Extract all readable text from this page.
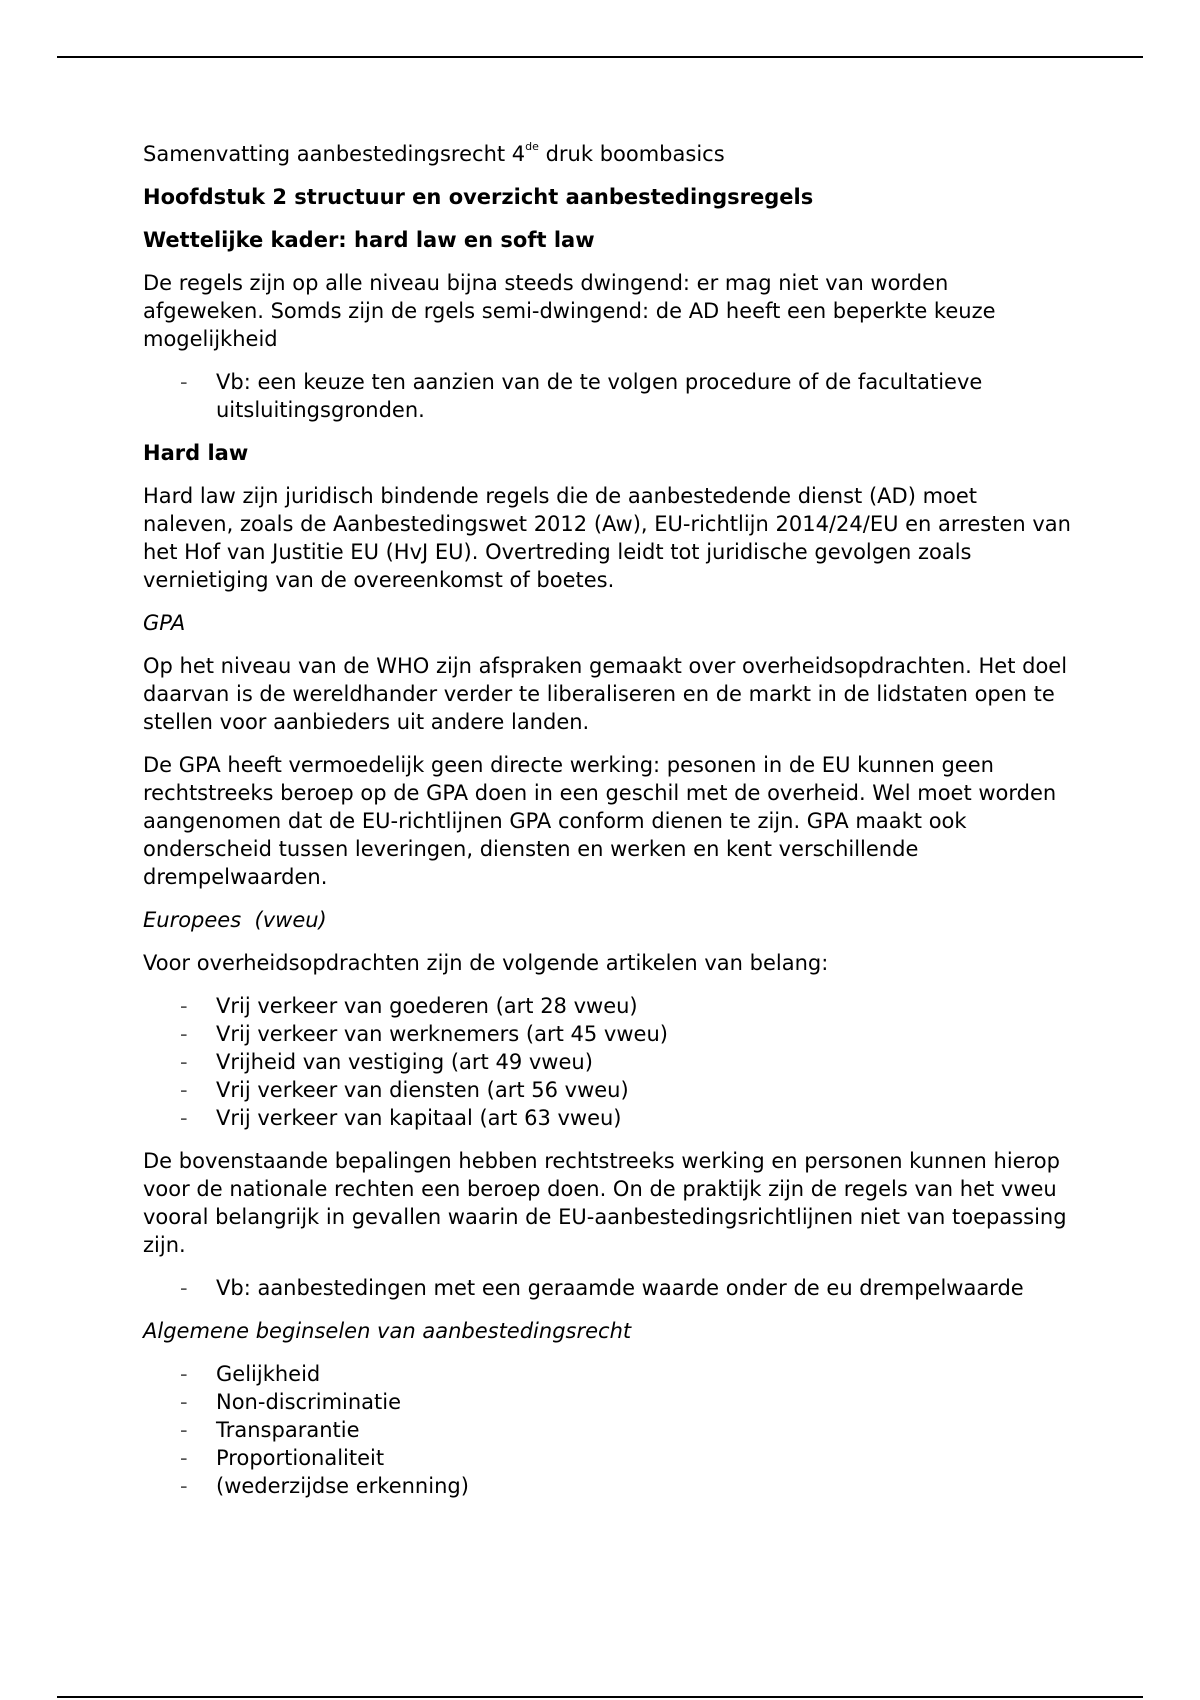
Samenvatting aanbestedingsrecht 4de druk boombasics

Hoofdstuk 2 structuur en overzicht aanbestedingsregels

Wettelijke kader: hard law en soft law

De regels zijn op alle niveau bijna steeds dwingend: er mag niet van worden afgeweken. Somds zijn de rgels semi-dwingend: de AD heeft een beperkte keuze mogelijkheid

- Vb: een keuze ten aanzien van de te volgen procedure of de facultatieve uitsluitingsgronden.

Hard law

Hard law zijn juridisch bindende regels die de aanbestedende dienst (AD) moet naleven, zoals de Aanbestedingswet 2012 (Aw), EU-richtlijn 2014/24/EU en arresten van het Hof van Justitie EU (HvJ EU). Overtreding leidt tot juridische gevolgen zoals vernietiging van de overeenkomst of boetes.

GPA

Op het niveau van de WHO zijn afspraken gemaakt over overheidsopdrachten. Het doel daarvan is de wereldhander verder te liberaliseren en de markt in de lidstaten open te stellen voor aanbieders uit andere landen.

De GPA heeft vermoedelijk geen directe werking: pesonen in de EU kunnen geen rechtstreeks beroep op de GPA doen in een geschil met de overheid. Wel moet worden aangenomen dat de EU-richtlijnen GPA conform dienen te zijn. GPA maakt ook onderscheid tussen leveringen, diensten en werken en kent verschillende drempelwaarden.

Europees  (vweu)

Voor overheidsopdrachten zijn de volgende artikelen van belang:

- Vrij verkeer van goederen (art 28 vweu)
- Vrij verkeer van werknemers (art 45 vweu)
- Vrijheid van vestiging (art 49 vweu)
- Vrij verkeer van diensten (art 56 vweu)
- Vrij verkeer van kapitaal (art 63 vweu)

De bovenstaande bepalingen hebben rechtstreeks werking en personen kunnen hierop voor de nationale rechten een beroep doen. On de praktijk zijn de regels van het vweu vooral belangrijk in gevallen waarin de EU-aanbestedingsrichtlijnen niet van toepassing zijn.

- Vb: aanbestedingen met een geraamde waarde onder de eu drempelwaarde

Algemene beginselen van aanbestedingsrecht

- Gelijkheid
- Non-discriminatie
- Transparantie
- Proportionaliteit
- (wederzijdse erkenning)
